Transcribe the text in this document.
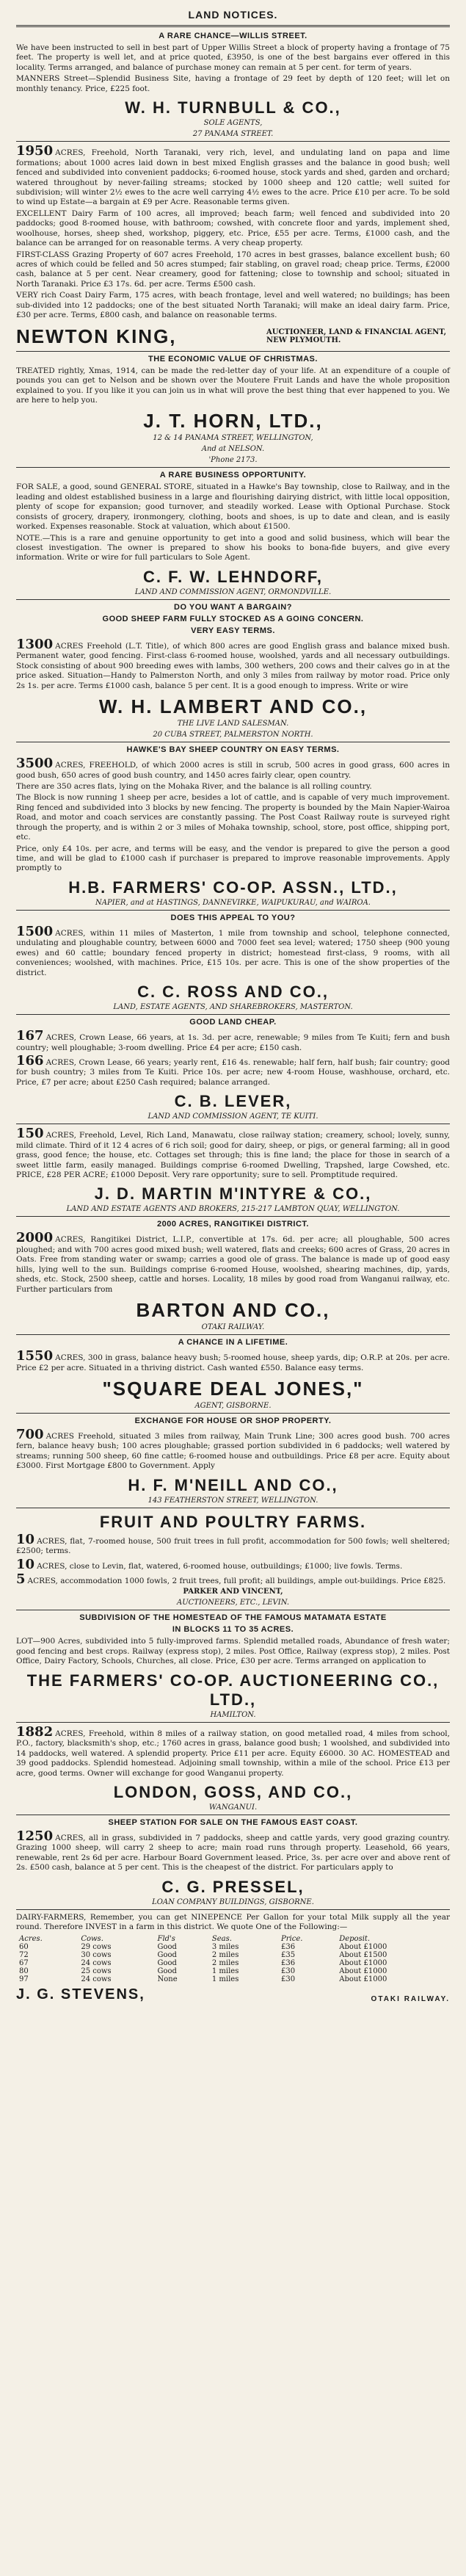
LAND NOTICES.
A RARE CHANCE—WILLIS STREET.
We have been instructed to sell in best part of Upper Willis Street a block of property having a frontage of 75 feet. The property is well let, and at price quoted, £3950, is one of the best bargains ever offered in this locality. Terms arranged, and balance of purchase money can remain at 5 per cent. for term of years.
MANNERS Street—Splendid Business Site, having a frontage of 29 feet by depth of 120 feet; will let on monthly tenancy. Price, £225 foot.
W. H. TURNBULL & CO.,
SOLE AGENTS,
27 PANAMA STREET.
1950 ACRES, Freehold, North Taranaki, very rich, level, and undulating land on papa and lime formations; about 1000 acres laid down in best mixed English grasses and the balance in good bush; well fenced and subdivided into convenient paddocks; 6-roomed house, stock yards and shed, garden and orchard; watered throughout by never-failing streams; stocked by 1000 sheep and 120 cattle; well suited for subdivision; will winter 2½ ewes to the acre well carrying 4½ ewes to the acre. Price £10 per acre. To be sold to wind up Estate—a bargain at £9 per Acre. Reasonable terms given.
EXCELLENT Dairy Farm of 100 acres, all improved; beach farm; well fenced and subdivided into 20 paddocks; good 8-roomed house, with bathroom; cowshed, with concrete floor and yards, implement shed, woolhouse, horses, sheep shed, workshop, piggery, etc. Price, £55 per acre. Terms, £1000 cash, and the balance can be arranged for on reasonable terms. A very cheap property.
FIRST-CLASS Grazing Property of 607 acres Freehold, 170 acres in best grasses, balance excellent bush; 60 acres of which could be felled and 50 acres stumped; fair stabling, on gravel road; cheap price. Terms, £2000 cash, balance at 5 per cent. Near creamery, good for fattening; close to township and school; situated in North Taranaki. Price £3 17s. 6d. per acre. Terms £500 cash.
VERY rich Coast Dairy Farm, 175 acres, with beach frontage, level and well watered; no buildings; has been sub-divided into 12 paddocks; one of the best situated North Taranaki; will make an ideal dairy farm. Price, £30 per acre. Terms, £800 cash, and balance on reasonable terms.
NEWTON KING,	AUCTIONEER, LAND & FINANCIAL AGENT, NEW PLYMOUTH.
THE ECONOMIC VALUE OF CHRISTMAS.
TREATED rightly, Xmas, 1914, can be made the red-letter day of your life. At an expenditure of a couple of pounds you can get to Nelson and be shown over the Moutere Fruit Lands and have the whole proposition explained to you. If you like it you can join us in what will prove the best thing that ever happened to you. We are here to help you.
J. T. HORN, LTD.,
12 & 14 PANAMA STREET, WELLINGTON,
And at NELSON.
'Phone 2173.
A RARE BUSINESS OPPORTUNITY.
FOR SALE, a good, sound GENERAL STORE, situated in a Hawke's Bay township, close to Railway, and in the leading and oldest established business in a large and flourishing dairying district, with little local opposition, plenty of scope for expansion; good turnover, and steadily worked. Lease with Optional Purchase. Stock consists of grocery, drapery, ironmongery, clothing, boots and shoes, is up to date and clean, and is easily worked. Expenses reasonable. Stock at valuation, which about £1500.
NOTE.—This is a rare and genuine opportunity to get into a good and solid business, which will bear the closest investigation. The owner is prepared to show his books to bona-fide buyers, and give every information. Write or wire for full particulars to Sole Agent.
C. F. W. LEHNDORF,
LAND AND COMMISSION AGENT, ORMONDVILLE.
DO YOU WANT A BARGAIN?
GOOD SHEEP FARM FULLY STOCKED AS A GOING CONCERN.
VERY EASY TERMS.
1300 ACRES Freehold (L.T. Title), of which 800 acres are good English grass and balance mixed bush. Permanent water, good fencing. First-class 6-roomed house, woolshed, yards and all necessary outbuildings. Stock consisting of about 900 breeding ewes with lambs, 300 wethers, 200 cows and their calves go in at the price asked. Situation—Handy to Palmerston North, and only 3 miles from railway by motor road. Price only 2s 1s. per acre. Terms £1000 cash, balance 5 per cent. It is a good enough to impress. Write or wire
W. H. LAMBERT AND CO.,
THE LIVE LAND SALESMAN.
20 CUBA STREET, PALMERSTON NORTH.
HAWKE'S BAY SHEEP COUNTRY ON EASY TERMS.
3500 ACRES, FREEHOLD, of which 2000 acres is still in scrub, 500 acres in good grass, 600 acres in good bush, 650 acres of good bush country, and 1450 acres fairly clear, open country.
There are 350 acres flats, lying on the Mohaka River, and the balance is all rolling country.
The Block is now running 1 sheep per acre, besides a lot of cattle, and is capable of very much improvement. Ring fenced and subdivided into 3 blocks by new fencing. The property is bounded by the Main Napier-Wairoa Road, and motor and coach services are constantly passing. The Post Coast Railway route is surveyed right through the property, and is within 2 or 3 miles of Mohaka township, school, store, post office, shipping port, etc.
Price, only £4 10s. per acre, and terms will be easy, and the vendor is prepared to give the person a good time, and will be glad to £1000 cash if purchaser is prepared to improve reasonable improvements. Apply promptly to
H.B. FARMERS' CO-OP. ASSN., LTD.,
NAPIER, and at HASTINGS, DANNEVIRKE, WAIPUKURAU, and WAIROA.
DOES THIS APPEAL TO YOU?
1500 ACRES, within 11 miles of Masterton, 1 mile from township and school, telephone connected, undulating and ploughable country, between 6000 and 7000 feet sea level; watered; 1750 sheep (900 young ewes) and 60 cattle; boundary fenced property in district; homestead first-class, 9 rooms, with all conveniences; woolshed, with machines. Price, £15 10s. per acre. This is one of the show properties of the district.
C. C. ROSS AND CO.,
LAND, ESTATE AGENTS, AND SHAREBROKERS, MASTERTON.
GOOD LAND CHEAP.
167 ACRES, Crown Lease, 66 years, at 1s. 3d. per acre, renewable; 9 miles from Te Kuiti; fern and bush country; well ploughable; 3-room dwelling. Price £4 per acre; £150 cash.
166 ACRES, Crown Lease, 66 years; yearly rent, £16 4s. renewable; half fern, half bush; fair country; good for bush country; 3 miles from Te Kuiti. Price 10s. per acre; new 4-room House, washhouse, orchard, etc. Price, £7 per acre; about £250 Cash required; balance arranged.
C. B. LEVER,
LAND AND COMMISSION AGENT, TE KUITI.
150 ACRES, Freehold, Level, Rich Land, Manawatu, close railway station; creamery, school; lovely, sunny, mild climate. Third of it 12 4 acres of 6 rich soil; good for dairy, sheep, or pigs, or general farming; all in good grass, good fence; the house, etc. Cottages set through; this is fine land; the place for those in search of a sweet little farm, easily managed. Buildings comprise 6-roomed Dwelling, Trapshed, large Cowshed, etc. PRICE, £28 PER ACRE; £1000 Deposit. Very rare opportunity; sure to sell. Promptitude required.
J. D. MARTIN M'INTYRE & CO.,
LAND AND ESTATE AGENTS AND BROKERS, 215-217 LAMBTON QUAY, WELLINGTON.
2000 ACRES, RANGITIKEI DISTRICT.
2000 ACRES, Rangitikei District, L.I.P., convertible at 17s. 6d. per acre; all ploughable, 500 acres ploughed; and with 700 acres good mixed bush; well watered, flats and creeks; 600 acres of Grass, 20 acres in Oats. Free from standing water or swamp; carries a good ole of grass. The balance is made up of good easy hills, lying well to the sun. Buildings comprise 6-roomed House, woolshed, shearing machines, dip, yards, sheds, etc. Stock, 2500 sheep, cattle and horses. Locality, 18 miles by good road from Wanganui railway, etc. Further particulars from
BARTON AND CO.,
OTAKI RAILWAY.
A CHANCE IN A LIFETIME.
1550 ACRES, 300 in grass, balance heavy bush; 5-roomed house, sheep yards, dip; O.R.P. at 20s. per acre. Price £2 per acre. Situated in a thriving district. Cash wanted £550. Balance easy terms.
"SQUARE DEAL JONES,"
AGENT, GISBORNE.
EXCHANGE FOR HOUSE OR SHOP PROPERTY.
700 ACRES Freehold, situated 3 miles from railway, Main Trunk Line; 300 acres good bush. 700 acres fern, balance heavy bush; 100 acres ploughable; grassed portion subdivided in 6 paddocks; well watered by streams; running 500 sheep, 60 fine cattle; 6-roomed house and outbuildings. Price £8 per acre. Equity about £3000. First Mortgage £800 to Government. Apply
H. F. M'NEILL AND CO.,
143 FEATHERSTON STREET, WELLINGTON.
FRUIT AND POULTRY FARMS.
10 ACRES, flat, 7-roomed house, 500 fruit trees in full profit, accommodation for 500 fowls; well sheltered; £2500; terms.
10 ACRES, close to Levin, flat, watered, 6-roomed house, outbuildings; £1000; live fowls. Terms.
5 ACRES, accommodation 1000 fowls, 2 fruit trees, full profit; all buildings, ample out-buildings. Price £825.
PARKER AND VINCENT,
AUCTIONEERS, ETC., LEVIN.
SUBDIVISION OF THE HOMESTEAD OF THE FAMOUS MATAMATA ESTATE
IN BLOCKS 11 TO 35 ACRES.
LOT—900 Acres, subdivided into 5 fully-improved farms. Splendid metalled roads, Abundance of fresh water; good fencing and best crops. Railway (express stop), 2 miles. Post Office, Railway (express stop), 2 miles. Post Office, Dairy Factory, Schools, Churches, all close. Price, £30 per acre. Terms arranged on application to
THE FARMERS' CO-OP. AUCTIONEERING CO., LTD.,
HAMILTON.
1882 ACRES, Freehold, within 8 miles of a railway station, on good metalled road, 4 miles from school, P.O., factory, blacksmith's shop, etc.; 1760 acres in grass, balance good bush; 1 woolshed, and subdivided into 14 paddocks, well watered. A splendid property. Price £11 per acre. Equity £6000. 30 AC. HOMESTEAD and 39 good paddocks. Splendid homestead. Adjoining small township, within a mile of the school. Price £13 per acre, good terms. Owner will exchange for good Wanganui property.
LONDON, GOSS, AND CO.,
WANGANUI.
SHEEP STATION FOR SALE ON THE FAMOUS EAST COAST.
1250 ACRES, all in grass, subdivided in 7 paddocks, sheep and cattle yards, very good grazing country. Grazing 1000 sheep, will carry 2 sheep to acre; main road runs through property. Leasehold, 66 years, renewable, rent 2s 6d per acre. Harbour Board Government leased. Price, 3s. per acre over and above rent of 2s. £500 cash, balance at 5 per cent. This is the cheapest of the district. For particulars apply to
C. G. PRESSEL,
LOAN COMPANY BUILDINGS, GISBORNE.
DAIRY-FARMERS, Remember, you can get NINEPENCE Per Gallon for your total Milk supply all the year round. Therefore INVEST in a farm in this district. We quote One of the Following:—
Acres.	Cows.	Fld's	Seas.	Price.	Deposit.
60	29 cows	Good	3 miles	£36	About £1000
72	30 cows	Good	2 miles	£35	About £1500
67	24 cows	Good	2 miles	£36	About £1000
80	25 cows	Good	1 miles	£30	About £1000
97	24 cows	None	1 miles	£30	About £1000
J. G. STEVENS,	OTAKI RAILWAY.
